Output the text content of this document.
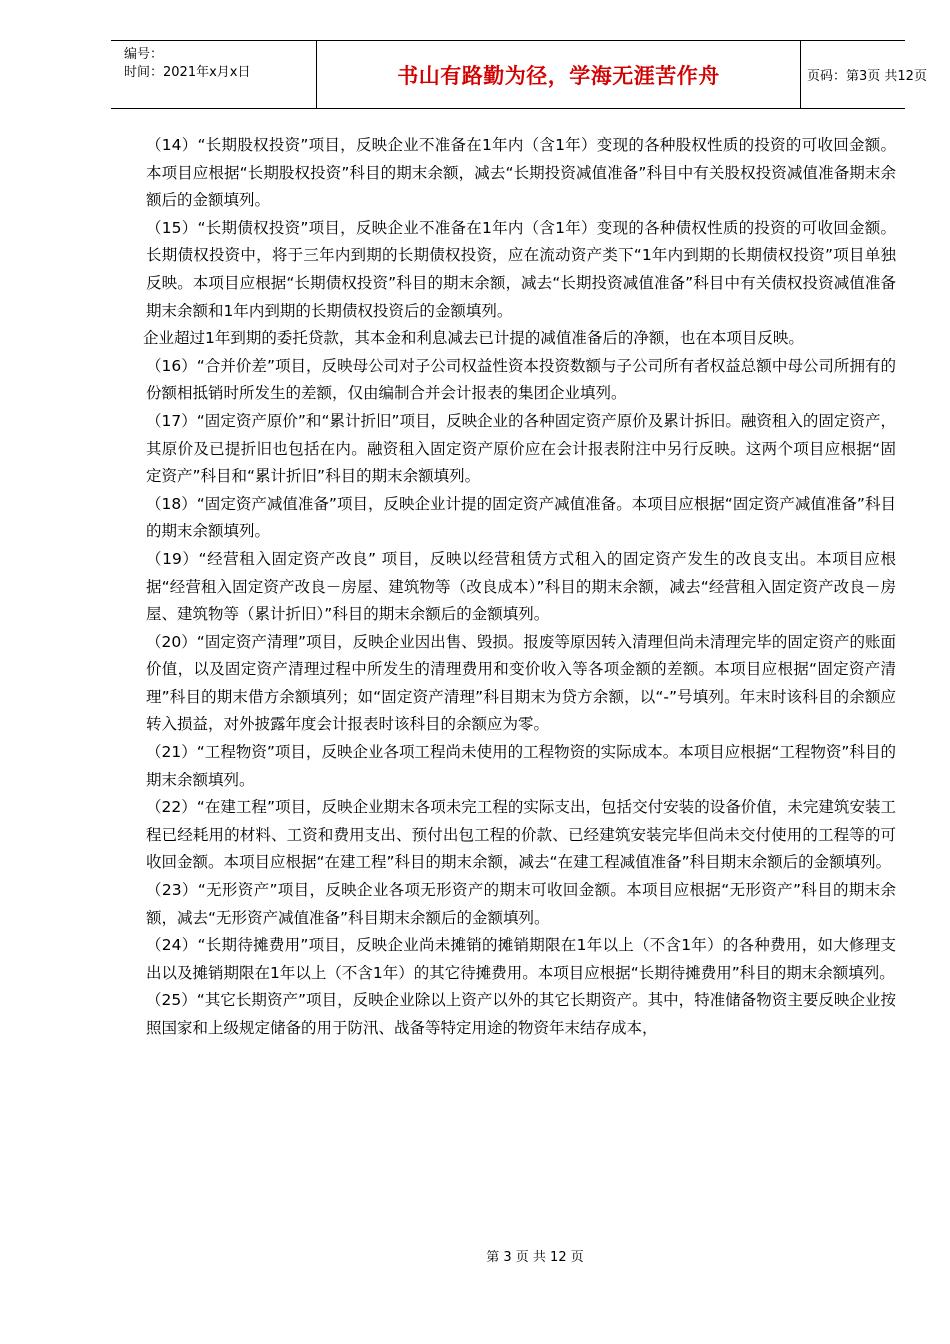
编号：
时间：2021年x月x日	书山有路勤为径，学海无涯苦作舟	页码：第3页 共12页

（14）“长期股权投资”项目，反映企业不准备在1年内（含1年）变现的各种股权性质的投资的可收回金额。本项目应根据“长期股权投资”科目的期末余额，减去“长期投资减值准备”科目中有关股权投资减值准备期末余额后的金额填列。

（15）“长期债权投资”项目，反映企业不准备在1年内（含1年）变现的各种债权性质的投资的可收回金额。长期债权投资中，将于三年内到期的长期债权投资，应在流动资产类下“1年内到期的长期债权投资”项目单独反映。本项目应根据“长期债权投资”科目的期末余额，减去“长期投资减值准备”科目中有关债权投资减值准备期末余额和1年内到期的长期债权投资后的金额填列。

企业超过1年到期的委托贷款，其本金和利息减去已计提的减值准备后的净额，也在本项目反映。

（16）“合并价差”项目，反映母公司对子公司权益性资本投资数额与子公司所有者权益总额中母公司所拥有的份额相抵销时所发生的差额，仅由编制合并会计报表的集团企业填列。

（17）“固定资产原价”和“累计折旧”项目，反映企业的各种固定资产原价及累计拆旧。融资租入的固定资产，其原价及已提折旧也包括在内。融资租入固定资产原价应在会计报表附注中另行反映。这两个项目应根据“固定资产”科目和“累计折旧”科目的期末余额填列。

（18）“固定资产减值准备”项目，反映企业计提的固定资产减值准备。本项目应根据“固定资产减值准备”科目的期末余额填列。

（19）“经营租入固定资产改良” 项目，反映以经营租赁方式租入的固定资产发生的改良支出。本项目应根据“经营租入固定资产改良－房屋、建筑物等（改良成本）”科目的期末余额，减去“经营租入固定资产改良－房屋、建筑物等（累计折旧）”科目的期末余额后的金额填列。

（20）“固定资产清理”项目，反映企业因出售、毁损。报废等原因转入清理但尚未清理完毕的固定资产的账面价值，以及固定资产清理过程中所发生的清理费用和变价收入等各项金额的差额。本项目应根据“固定资产清理”科目的期末借方余额填列；如“固定资产清理”科目期末为贷方余额，以“-”号填列。年末时该科目的余额应转入损益，对外披露年度会计报表时该科目的余额应为零。

（21）“工程物资”项目，反映企业各项工程尚未使用的工程物资的实际成本。本项目应根据“工程物资”科目的期末余额填列。

（22）“在建工程”项目，反映企业期末各项未完工程的实际支出，包括交付安装的设备价值，未完建筑安装工程已经耗用的材料、工资和费用支出、预付出包工程的价款、已经建筑安装完毕但尚未交付使用的工程等的可收回金额。本项目应根据“在建工程”科目的期末余额，减去“在建工程减值准备”科目期末余额后的金额填列。

（23）“无形资产”项目，反映企业各项无形资产的期末可收回金额。本项目应根据“无形资产”科目的期末余额，减去“无形资产减值准备”科目期末余额后的金额填列。

（24）“长期待摊费用”项目，反映企业尚未摊销的摊销期限在1年以上（不含1年）的各种费用，如大修理支出以及摊销期限在1年以上（不含1年）的其它待摊费用。本项目应根据“长期待摊费用”科目的期末余额填列。

（25）“其它长期资产”项目，反映企业除以上资产以外的其它长期资产。其中，特准储备物资主要反映企业按照国家和上级规定储备的用于防汛、战备等特定用途的物资年末结存成本，

第 3 页 共 12 页
